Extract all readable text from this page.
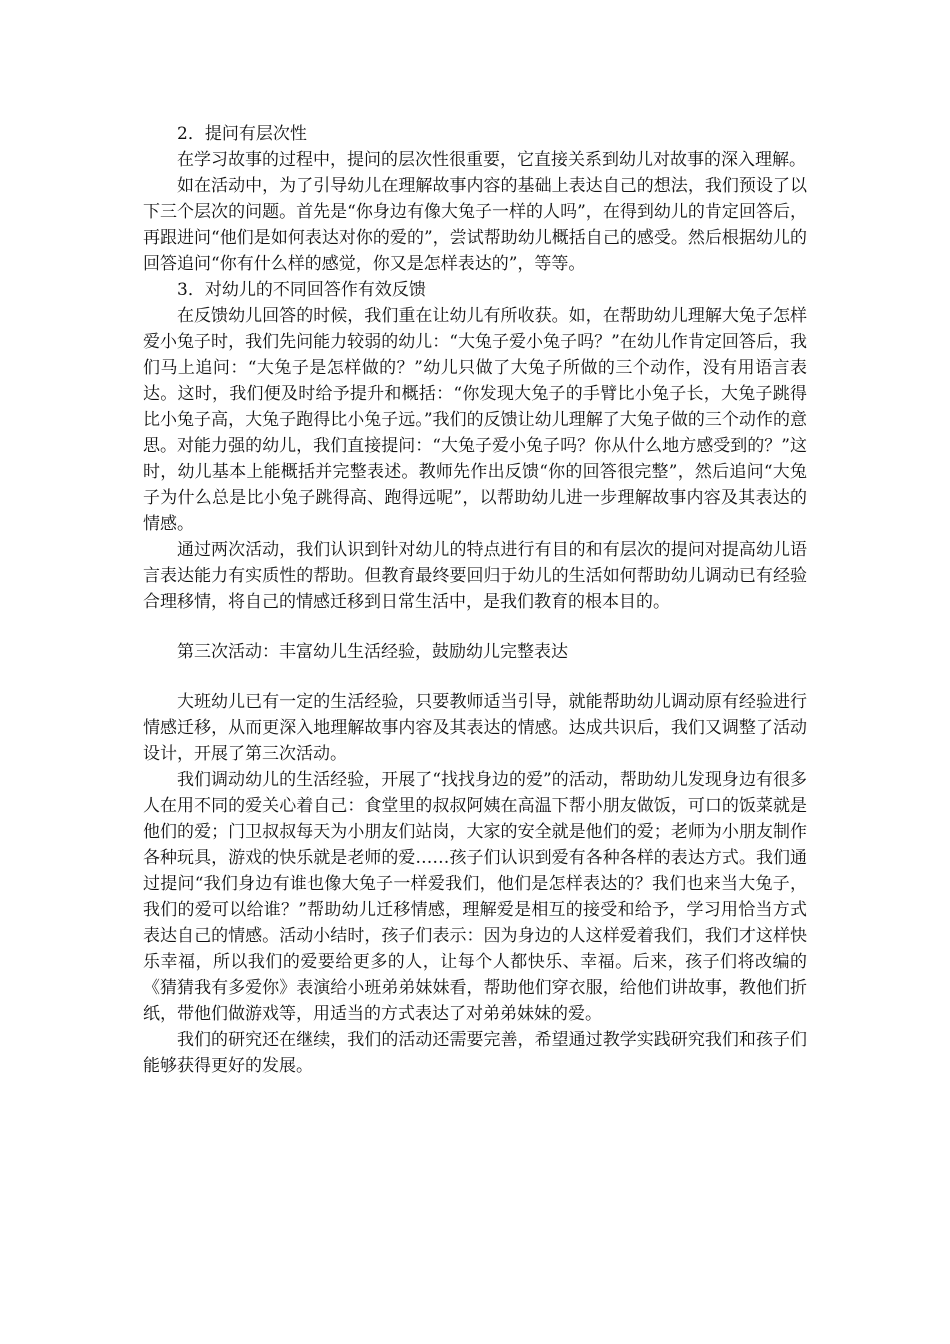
2．提问有层次性

在学习故事的过程中，提问的层次性很重要，它直接关系到幼儿对故事的深入理解。

如在活动中，为了引导幼儿在理解故事内容的基础上表达自己的想法，我们预设了以下三个层次的问题。首先是“你身边有像大兔子一样的人吗”，在得到幼儿的肯定回答后，再跟进问“他们是如何表达对你的爱的”，尝试帮助幼儿概括自己的感受。然后根据幼儿的回答追问“你有什么样的感觉，你又是怎样表达的”，等等。

3．对幼儿的不同回答作有效反馈

在反馈幼儿回答的时候，我们重在让幼儿有所收获。如，在帮助幼儿理解大兔子怎样爱小兔子时，我们先问能力较弱的幼儿：“大兔子爱小兔子吗？”在幼儿作肯定回答后，我们马上追问：“大兔子是怎样做的？”幼儿只做了大兔子所做的三个动作，没有用语言表达。这时，我们便及时给予提升和概括：“你发现大兔子的手臂比小兔子长，大兔子跳得比小兔子高，大兔子跑得比小兔子远。”我们的反馈让幼儿理解了大兔子做的三个动作的意思。对能力强的幼儿，我们直接提问：“大兔子爱小兔子吗？你从什么地方感受到的？”这时，幼儿基本上能概括并完整表述。教师先作出反馈“你的回答很完整”，然后追问“大兔子为什么总是比小兔子跳得高、跑得远呢”，以帮助幼儿进一步理解故事内容及其表达的情感。

通过两次活动，我们认识到针对幼儿的特点进行有目的和有层次的提问对提高幼儿语言表达能力有实质性的帮助。但教育最终要回归于幼儿的生活如何帮助幼儿调动已有经验合理移情，将自己的情感迁移到日常生活中，是我们教育的根本目的。

第三次活动：丰富幼儿生活经验，鼓励幼儿完整表达

大班幼儿已有一定的生活经验，只要教师适当引导，就能帮助幼儿调动原有经验进行情感迁移，从而更深入地理解故事内容及其表达的情感。达成共识后，我们又调整了活动设计，开展了第三次活动。

我们调动幼儿的生活经验，开展了“找找身边的爱”的活动，帮助幼儿发现身边有很多人在用不同的爱关心着自己：食堂里的叔叔阿姨在高温下帮小朋友做饭，可口的饭菜就是他们的爱；门卫叔叔每天为小朋友们站岗，大家的安全就是他们的爱；老师为小朋友制作各种玩具，游戏的快乐就是老师的爱……孩子们认识到爱有各种各样的表达方式。我们通过提问“我们身边有谁也像大兔子一样爱我们，他们是怎样表达的？我们也来当大兔子，我们的爱可以给谁？”帮助幼儿迁移情感，理解爱是相互的接受和给予，学习用恰当方式表达自己的情感。活动小结时，孩子们表示：因为身边的人这样爱着我们，我们才这样快乐幸福，所以我们的爱要给更多的人，让每个人都快乐、幸福。后来，孩子们将改编的《猜猜我有多爱你》表演给小班弟弟妹妹看，帮助他们穿衣服，给他们讲故事，教他们折纸，带他们做游戏等，用适当的方式表达了对弟弟妹妹的爱。

我们的研究还在继续，我们的活动还需要完善，希望通过教学实践研究我们和孩子们能够获得更好的发展。
